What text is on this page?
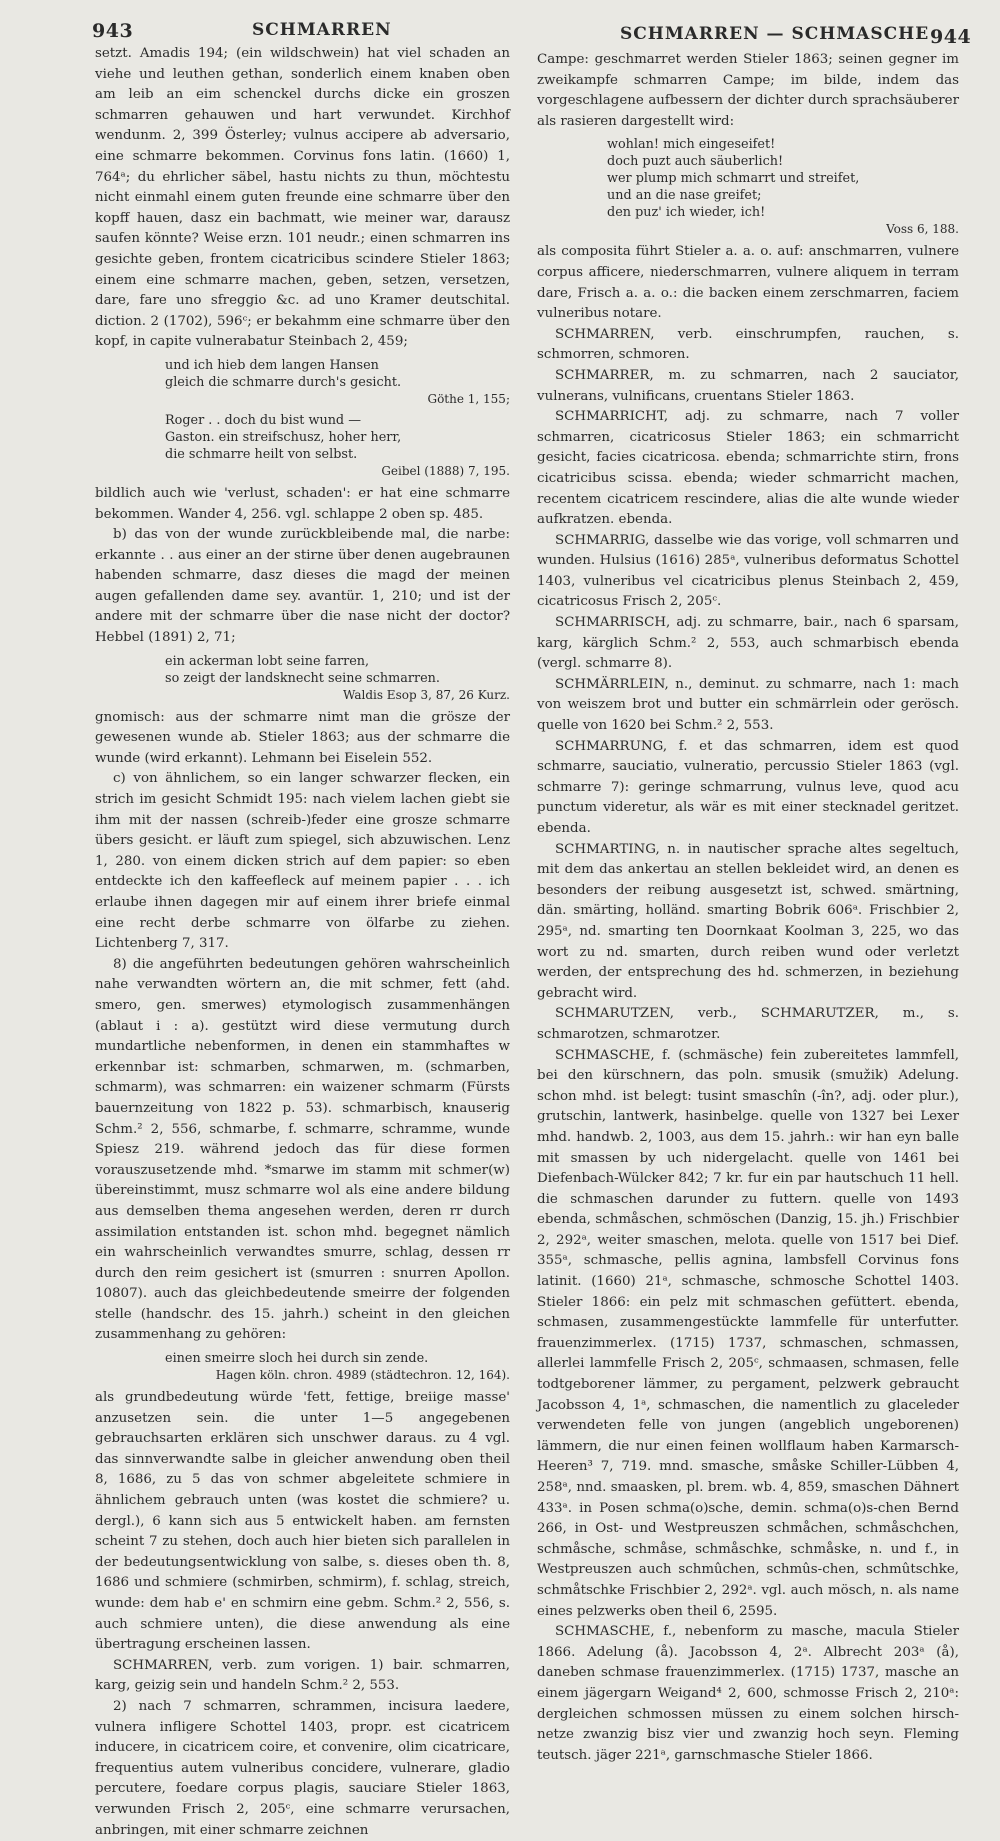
943	SCHMARREN	SCHMARREN — SCHMASCHE 944

setzt. Amadis 194; (ein wildschwein) hat viel schaden an viehe und leuthen gethan, sonderlich einem knaben oben am leib an eim schenckel durchs dicke ein groszen schmarren gehauwen und hart verwundet. Kirchhof wendunm. 2, 399 Österley; vulnus accipere ab adversario, eine schmarre bekommen. Corvinus fons latin. (1660) 1, 764ᵃ; du ehrlicher säbel, hastu nichts zu thun, möchtestu nicht einmahl einem guten freunde eine schmarre über den kopff hauen, dasz ein bachmatt, wie meiner war, darausz saufen könnte? Weise erzn. 101 neudr.; einen schmarren ins gesichte geben, frontem cicatricibus scindere Stieler 1863; einem eine schmarre machen, geben, setzen, versetzen, dare, fare uno sfreggio &c. ad uno Kramer deutschital. diction. 2 (1702), 596ᶜ; er bekahmm eine schmarre über den kopf, in capite vulnerabatur Steinbach 2, 459;

und ich hieb dem langen Hansen
gleich die schmarre durch's gesicht.
Göthe 1, 155;
Roger . . doch du bist wund —
Gaston. ein streifschusz, hoher herr,
die schmarre heilt von selbst.
Geibel (1888) 7, 195.

bildlich auch wie 'verlust, schaden': er hat eine schmarre bekommen. Wander 4, 256. vgl. schlappe 2 oben sp. 485.

b) das von der wunde zurückbleibende mal, die narbe: erkannte . . aus einer an der stirne über denen augebraunen habenden schmarre, dasz dieses die magd der meinen augen gefallenden dame sey. avantür. 1, 210; und ist der andere mit der schmarre über die nase nicht der doctor? Hebbel (1891) 2, 71;

ein ackerman lobt seine farren,
so zeigt der landsknecht seine schmarren.
Waldis Esop 3, 87, 26 Kurz.

gnomisch: aus der schmarre nimt man die grösze der gewesenen wunde ab. Stieler 1863; aus der schmarre die wunde (wird erkannt). Lehmann bei Eiselein 552.

c) von ähnlichem, so ein langer schwarzer flecken, ein strich im gesicht Schmidt 195: nach vielem lachen giebt sie ihm mit der nassen (schreib-)feder eine grosze schmarre übers gesicht. er läuft zum spiegel, sich abzuwischen. Lenz 1, 280. von einem dicken strich auf dem papier: so eben entdeckte ich den kaffeefleck auf meinem papier . . . ich erlaube ihnen dagegen mir auf einem ihrer briefe einmal eine recht derbe schmarre von ölfarbe zu ziehen. Lichtenberg 7, 317.

8) die angeführten bedeutungen gehören wahrscheinlich nahe verwandten wörtern an, die mit schmer, fett (ahd. smero, gen. smerwes) etymologisch zusammenhängen (ablaut i : a). gestützt wird diese vermutung durch mundartliche nebenformen, in denen ein stammhaftes w erkennbar ist: schmarben, schmarwen, m. (schmarben, schmarm), was schmarren: ein waizener schmarm (Fürsts bauernzeitung von 1822 p. 53). schmarbisch, knauserig Schm.² 2, 556, schmarbe, f. schmarre, schramme, wunde Spiesz 219. während jedoch das für diese formen vorauszusetzende mhd. *smarwe im stamm mit schmer(w) übereinstimmt, musz schmarre wol als eine andere bildung aus demselben thema angesehen werden, deren rr durch assimilation entstanden ist. schon mhd. begegnet nämlich ein wahrscheinlich verwandtes smurre, schlag, dessen rr durch den reim gesichert ist (smurren : snurren Apollon. 10807). auch das gleichbedeutende smeirre der folgenden stelle (handschr. des 15. jahrh.) scheint in den gleichen zusammenhang zu gehören:

einen smeirre sloch hei durch sin zende.
Hagen köln. chron. 4989 (städtechron. 12, 164).

als grundbedeutung würde 'fett, fettige, breiige masse' anzusetzen sein. die unter 1—5 angegebenen gebrauchsarten erklären sich unschwer daraus. zu 4 vgl. das sinnverwandte salbe in gleicher anwendung oben theil 8, 1686, zu 5 das von schmer abgeleitete schmiere in ähnlichem gebrauch unten (was kostet die schmiere? u. dergl.), 6 kann sich aus 5 entwickelt haben. am fernsten scheint 7 zu stehen, doch auch hier bieten sich parallelen in der bedeutungsentwicklung von salbe, s. dieses oben th. 8, 1686 und schmiere (schmirben, schmirm), f. schlag, streich, wunde: dem hab e' en schmirn eine gebm. Schm.² 2, 556, s. auch schmiere unten), die diese anwendung als eine übertragung erscheinen lassen.

SCHMARREN, verb. zum vorigen. 1) bair. schmarren, karg, geizig sein und handeln Schm.² 2, 553.

2) nach 7 schmarren, schrammen, incisura laedere, vulnera infligere Schottel 1403, propr. est cicatricem inducere, in cicatricem coire, et convenire, olim cicatricare, frequentius autem vulneribus concidere, vulnerare, gladio percutere, foedare corpus plagis, sauciare Stieler 1863, verwunden Frisch 2, 205ᶜ, eine schmarre verursachen, anbringen, mit einer schmarre zeichnen

Campe: geschmarret werden Stieler 1863; seinen gegner im zweikampfe schmarren Campe; im bilde, indem das vorgeschlagene aufbessern der dichter durch sprachsäuberer als rasieren dargestellt wird:

wohlan! mich eingeseifet!
doch puzt auch säuberlich!
wer plump mich schmarrt und streifet,
und an die nase greifet;
den puz' ich wieder, ich!
Voss 6, 188.

als composita führt Stieler a. a. o. auf: anschmarren, vulnere corpus afficere, niederschmarren, vulnere aliquem in terram dare, Frisch a. a. o.: die backen einem zerschmarren, faciem vulneribus notare.

SCHMARREN, verb. einschrumpfen, rauchen, s. schmorren, schmoren.

SCHMARRER, m. zu schmarren, nach 2 sauciator, vulnerans, vulnificans, cruentans Stieler 1863.

SCHMARRICHT, adj. zu schmarre, nach 7 voller schmarren, cicatricosus Stieler 1863; ein schmarricht gesicht, facies cicatricosa. ebenda; schmarrichte stirn, frons cicatricibus scissa. ebenda; wieder schmarricht machen, recentem cicatricem rescindere, alias die alte wunde wieder aufkratzen. ebenda.

SCHMARRIG, dasselbe wie das vorige, voll schmarren und wunden. Hulsius (1616) 285ᵃ, vulneribus deformatus Schottel 1403, vulneribus vel cicatricibus plenus Steinbach 2, 459, cicatricosus Frisch 2, 205ᶜ.

SCHMARRISCH, adj. zu schmarre, bair., nach 6 sparsam, karg, kärglich Schm.² 2, 553, auch schmarbisch ebenda (vergl. schmarre 8).

SCHMÄRRLEIN, n., deminut. zu schmarre, nach 1: mach von weiszem brot und butter ein schmärrlein oder gerösch. quelle von 1620 bei Schm.² 2, 553.

SCHMARRUNG, f. et das schmarren, idem est quod schmarre, sauciatio, vulneratio, percussio Stieler 1863 (vgl. schmarre 7): geringe schmarrung, vulnus leve, quod acu punctum videretur, als wär es mit einer stecknadel geritzet. ebenda.

SCHMARTING, n. in nautischer sprache altes segeltuch, mit dem das ankertau an stellen bekleidet wird, an denen es besonders der reibung ausgesetzt ist, schwed. smärtning, dän. smärting, holländ. smarting Bobrik 606ᵃ. Frischbier 2, 295ᵃ, nd. smarting ten Doornkaat Koolman 3, 225, wo das wort zu nd. smarten, durch reiben wund oder verletzt werden, der entsprechung des hd. schmerzen, in beziehung gebracht wird.

SCHMARUTZEN, verb., SCHMARUTZER, m., s. schmarotzen, schmarotzer.

SCHMASCHE, f. (schmäsche) fein zubereitetes lammfell, bei den kürschnern, das poln. smusik (smužik) Adelung. schon mhd. ist belegt: tusint smaschîn (-în?, adj. oder plur.), grutschin, lantwerk, hasinbelge. quelle von 1327 bei Lexer mhd. handwb. 2, 1003, aus dem 15. jahrh.: wir han eyn balle mit smassen by uch nidergelacht. quelle von 1461 bei Diefenbach-Wülcker 842; 7 kr. fur ein par hautschuch 11 hell. die schmaschen darunder zu futtern. quelle von 1493 ebenda, schmåschen, schmöschen (Danzig, 15. jh.) Frischbier 2, 292ᵃ, weiter smaschen, melota. quelle von 1517 bei Dief. 355ᵃ, schmasche, pellis agnina, lambsfell Corvinus fons latinit. (1660) 21ᵃ, schmasche, schmosche Schottel 1403. Stieler 1866: ein pelz mit schmaschen gefüttert. ebenda, schmasen, zusammengestückte lammfelle für unterfutter. frauenzimmerlex. (1715) 1737, schmaschen, schmassen, allerlei lammfelle Frisch 2, 205ᶜ, schmaasen, schmasen, felle todtgeborener lämmer, zu pergament, pelzwerk gebraucht Jacobsson 4, 1ᵃ, schmaschen, die namentlich zu glaceleder verwendeten felle von jungen (angeblich ungeborenen) lämmern, die nur einen feinen wollflaum haben Karmarsch-Heeren³ 7, 719. mnd. smasche, småske Schiller-Lübben 4, 258ᵃ, nnd. smaasken, pl. brem. wb. 4, 859, smaschen Dähnert 433ᵃ. in Posen schma(o)sche, demin. schma(o)s-chen Bernd 266, in Ost- und Westpreuszen schmåchen, schmåschchen, schmåsche, schmåse, schmåschke, schmåske, n. und f., in Westpreuszen auch schmûchen, schmûs-chen, schmûtschke, schmåtschke Frischbier 2, 292ᵃ. vgl. auch mösch, n. als name eines pelzwerks oben theil 6, 2595.

SCHMASCHE, f., nebenform zu masche, macula Stieler 1866. Adelung (å). Jacobsson 4, 2ᵃ. Albrecht 203ᵃ (å), daneben schmase frauenzimmerlex. (1715) 1737, masche an einem jägergarn Weigand⁴ 2, 600, schmosse Frisch 2, 210ᵃ: dergleichen schmossen müssen zu einem solchen hirsch-netze zwanzig bisz vier und zwanzig hoch seyn. Fleming teutsch. jäger 221ᵃ, garnschmasche Stieler 1866.
